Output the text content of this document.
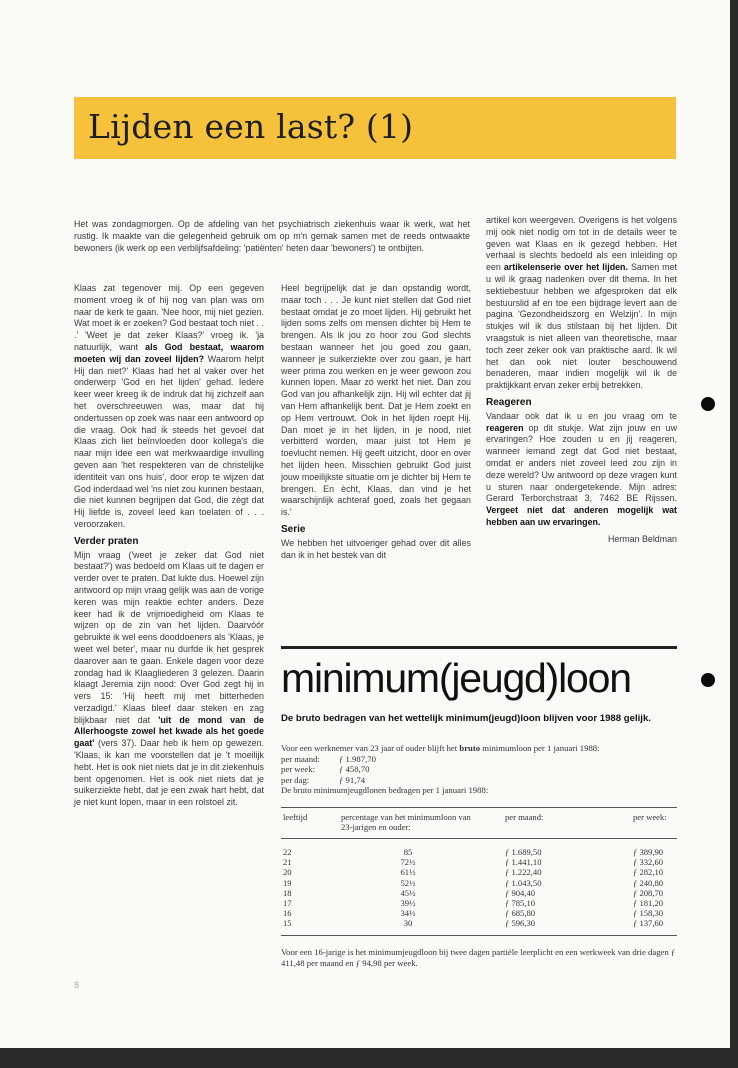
Lijden een last? (1)
Het was zondagmorgen. Op de afdeling van het psychiatrisch ziekenhuis waar ik werk, wat het rustig. Ik maakte van die gelegenheid gebruik om op m'n gemak samen met de reeds ontwaakte bewoners (ik werk op een verblijfsafdeling: 'patiënten' heten daar 'bewoners') te ontbijten.

Klaas zat tegenover mij. Op een gegeven moment vroeg ik of hij nog van plan was om naar de kerk te gaan. 'Nee hoor, mij niet gezien. Wat moet ik er zoeken? God bestaat toch niet . . .' 'Weet je dat zeker Klaas?' vroeg ik. 'ja natuurlijk, want als God bestaat, waarom moeten wij dan zoveel lijden? Waarom helpt Hij dan niet?' Klaas had het al vaker over het onderwerp 'God en het lijden' gehad. Iedere keer weer kreeg ik de indruk dat hij zichzelf aan het overschreeuwen was, maar dat hij ondertussen op zoek was naar een antwoord op die vraag. Ook had ik steeds het gevoel dat Klaas zich liet beïnvloeden door kollega's die naar mijn idee een wat merkwaardige invulling geven aan 'het respekteren van de christelijke identiteit van ons huis', door erop te wijzen dat God inderdaad wel 'ns niet zou kunnen bestaan, die niet kunnen begrijpen dat God, die zègt dat Hij liefde is, zoveel leed kan toelaten of . . . veroorzaken.

Verder praten

Mijn vraag ('weet je zeker dat God niet bestaat?') was bedoeld om Klaas uit te dagen er verder over te praten. Dat lukte dus. Hoewel zijn antwoord op mijn vraag gelijk was aan de vorige keren was mijn reaktie echter anders. Deze keer had ik de vrijmoedigheid om Klaas te wijzen op de zin van het lijden. Daarvóór gebruikte ik wel eens dooddoeners als 'Klaas, je weet wel beter', maar nu durfde ik het gesprek daarover aan te gaan. Enkele dagen voor deze zondag had ik Klaagliederen 3 gelezen. Daarin klaagt Jeremia zijn nood: Over God zegt hij in vers 15: 'Hij heeft mij met bitterheden verzadigd.' Klaas bleef daar steken en zag blijkbaar niet dat 'uit de mond van de Allerhoogste zowel het kwade als het goede gaat' (vers 37). Daar heb ik hem op gewezen. 'Klaas, ik kan me voorstellen dat je 't moeilijk hebt. Het is ook niet niets dat je in dit ziekenhuis bent opgenomen. Het is ook niet niets dat je suikerziekte hebt, dat je een zwak hart hebt, dat je niet kunt lopen, maar in een rolstoel zit.

Heel begrijpelijk dat je dan opstandig wordt, maar toch . . . Je kunt niet stellen dat God niet bestaat omdat je zo moet lijden. Hij gebruikt het lijden soms zelfs om mensen dichter bij Hem te brengen. Als ik jou zo hoor zou God slechts bestaan wanneer het jou goed zou gaan, wanneer je suikerziekte over zou gaan, je hart weer prima zou werken en je weer gewoon zou kunnen lopen. Maar zó werkt het niet. Dan zou God van jou afhankelijk zijn. Hij wil echter dat jij van Hem afhankelijk bent. Dat je Hem zoekt en op Hem vertrouwt. Ook in het lijden roept Hij. Dan moet je in het lijden, in je nood, niet verbitterd worden, maar juist tot Hem je toevlucht nemen. Hij geeft uitzicht, door en over het lijden heen. Misschien gebruikt God juist jouw moeilijkste situatie om je dichter bij Hem te brengen. En ècht, Klaas, dan vind je het waarschijnlijk achteraf goed, zoals het gegaan is.'

Serie

We hebben het uitvoeriger gehad over dit alles dan ik in het bestek van dit

artikel kon weergeven. Overigens is het volgens mij ook niet nodig om tot in de details weer te geven wat Klaas en ik gezegd hebben. Het verhaal is slechts bedoeld als een inleiding op een artikelenserie over het lijden. Samen met u wil ik graag nadenken over dit thema. In het sektiebestuur hebben we afgesproken dat elk bestuurslid af en toe een bijdrage levert aan de pagina 'Gezondheidszorg en Welzijn'. In mijn stukjes wil ik dus stilstaan bij het lijden. Dit vraagstuk is niet alleen van theoretische, maar toch zeer zeker ook van praktische aard. Ik wil het dan ook niet louter beschouwend benaderen, maar indien mogelijk wil ik de praktijkkant ervan zeker erbij betrekken.

Reageren

Vandaar ook dat ik u en jou vraag om te reageren op dit stukje. Wat zijn jouw en uw ervaringen? Hoe zouden u en jij reageren, wanneer iemand zegt dat God niet bestaat, omdat er anders niet zoveel leed zou zijn in deze wereld? Uw antwoord op deze vragen kunt u sturen naar ondergetekende. Mijn adres: Gerard Terborchstraat 3, 7462 BE Rijssen. Vergeet niet dat anderen mogelijk wat hebben aan uw ervaringen.

Herman Beldman
minimum(jeugd)loon
De bruto bedragen van het wettelijk minimum(jeugd)loon blijven voor 1988 gelijk.
Voor een werknemer van 23 jaar of ouder blijft het bruto minimumloon per 1 januari 1988:
per maand:	ƒ 1.987,70
per week:	ƒ 458,70
per dag:	ƒ 91,74
De bruto minimumjeugdlonen bedragen per 1 januari 1988:
leeftijd	percentage van het minimumloon van 23-jarigen en ouder:	per maand:	per week:
22	85	ƒ 1.689,50	ƒ 389,90
21	72½	ƒ 1.441,10	ƒ 332,60
20	61½	ƒ 1.222,40	ƒ 282,10
19	52½	ƒ 1.043,50	ƒ 240,80
18	45½	ƒ 904,40	ƒ 208,70
17	39½	ƒ 785,10	ƒ 181,20
16	34½	ƒ 685,80	ƒ 158,30
15	30	ƒ 596,30	ƒ 137,60
Voor een 16-jarige is het minimumjeugdloon bij twee dagen partiële leerplicht en een werkweek van drie dagen ƒ 411,48 per maand en ƒ 94,98 per week.
8
